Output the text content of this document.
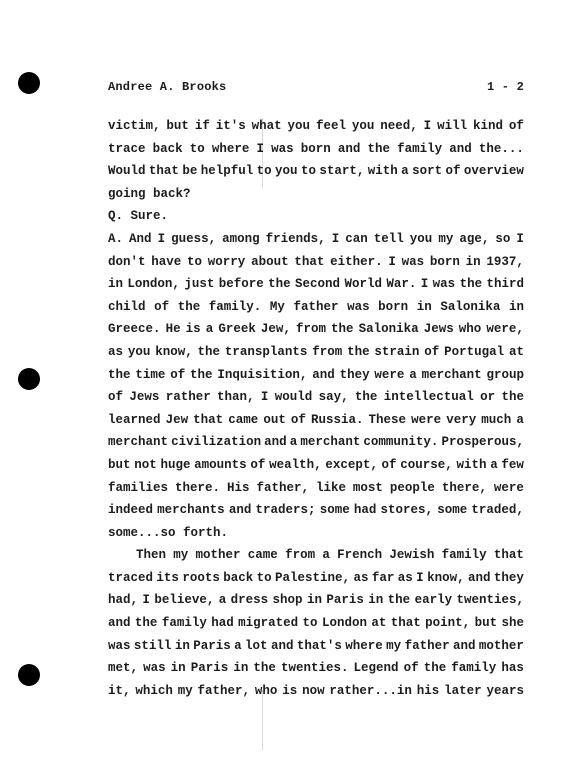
Andree A. Brooks	1 - 2
victim, but if it's what you feel you need, I will kind of
trace back to where I was born and the family and the...
Would that be helpful to you to start, with a sort of overview
going back?
Q. Sure.
A. And I guess, among friends, I can tell you my age, so I
don't have to worry about that either. I was born in 1937,
in London, just before the Second World War. I was the third
child of the family. My father was born in Salonika in
Greece. He is a Greek Jew, from the Salonika Jews who were,
as you know, the transplants from the strain of Portugal at
the time of the Inquisition, and they were a merchant group
of Jews rather than, I would say, the intellectual or the
learned Jew that came out of Russia. These were very much a
merchant civilization and a merchant community. Prosperous,
but not huge amounts of wealth, except, of course, with a few
families there. His father, like most people there, were
indeed merchants and traders; some had stores, some traded,
some...so forth.
Then my mother came from a French Jewish family that
traced its roots back to Palestine, as far as I know, and they
had, I believe, a dress shop in Paris in the early twenties,
and the family had migrated to London at that point, but she
was still in Paris a lot and that's where my father and mother
met, was in Paris in the twenties. Legend of the family has
it, which my father, who is now rather...in his later years
